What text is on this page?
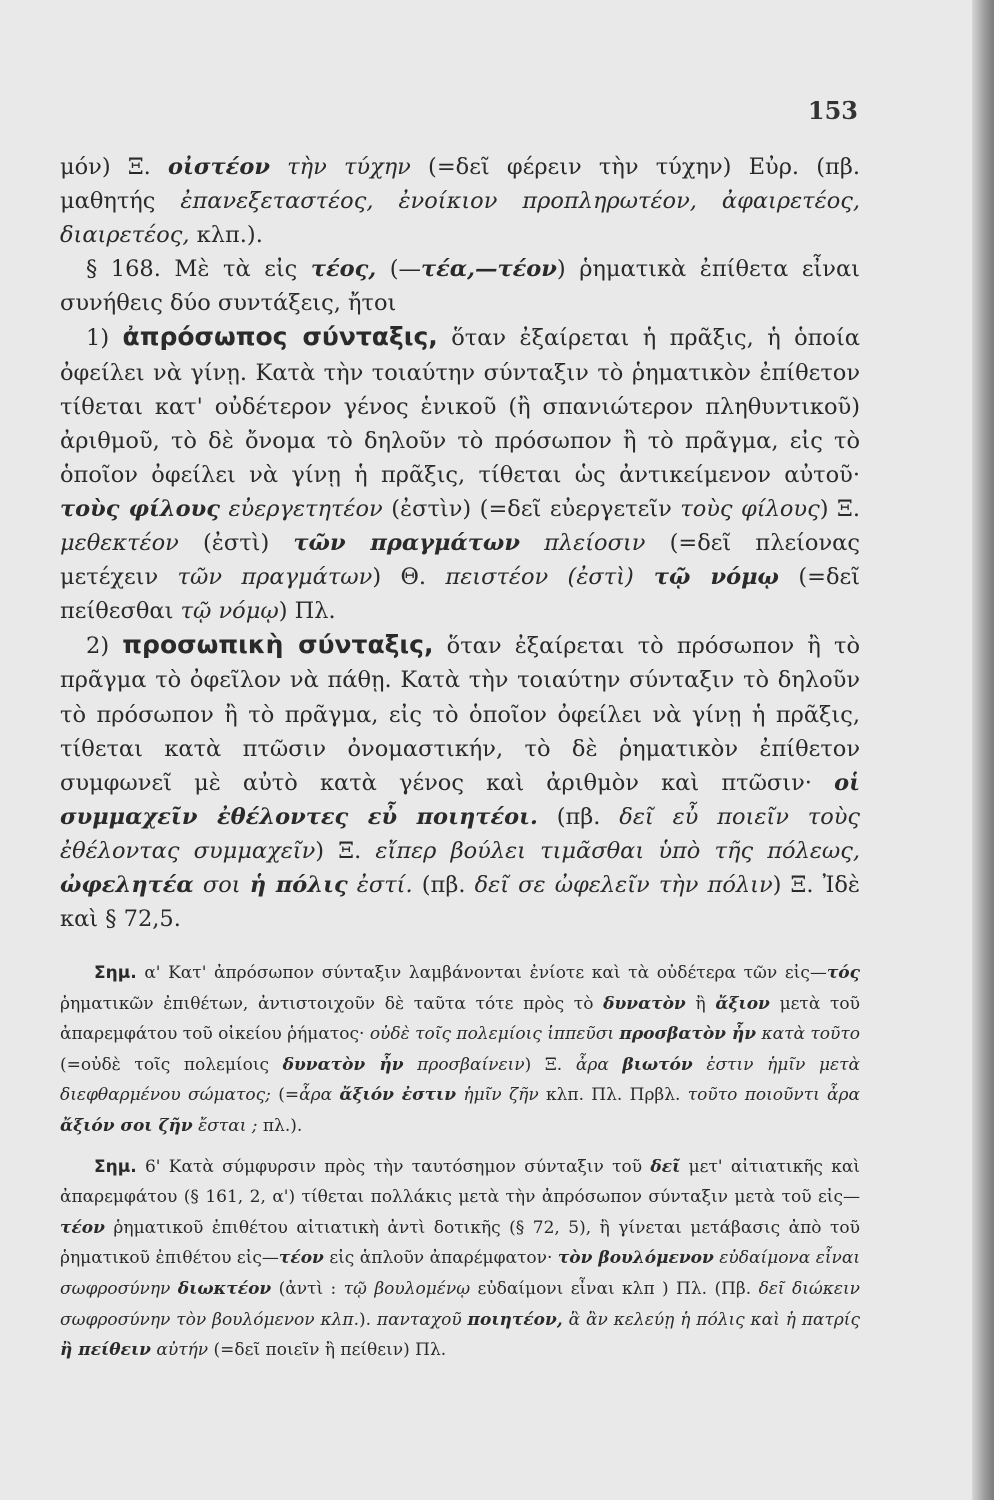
153

μόν) Ξ. οἰστέον τὴν τύχην (=δεῖ φέρειν τὴν τύχην) Εὐρ. (πβ. μαθητής ἐπανεξεταστέος, ἐνοίκιον προπληρωτέον, ἀφαιρετέος, διαιρετέος, κλπ.).

§ 168. Μὲ τὰ εἰς τέος, (—τέα,—τέον) ῥηματικὰ ἐπίθετα εἶναι συνήθεις δύο συντάξεις, ἤτοι

1) ἀπρόσωπος σύνταξις, ὅταν ἐξαίρεται ἡ πρᾶξις, ἡ ὁποία ὀφείλει νὰ γίνῃ. Κατὰ τὴν τοιαύτην σύνταξιν τὸ ῥηματικὸν ἐπίθετον τίθεται κατ' οὐδέτερον γένος ἑνικοῦ (ἢ σπανιώτερον πληθυντικοῦ) ἀριθμοῦ, τὸ δὲ ὄνομα τὸ δηλοῦν τὸ πρόσωπον ἢ τὸ πρᾶγμα, εἰς τὸ ὁποῖον ὀφείλει νὰ γίνῃ ἡ πρᾶξις, τίθεται ὡς ἀντικείμενον αὐτοῦ· τοὺς φίλους εὐεργετητέον (ἐστὶν) (=δεῖ εὐεργετεῖν τοὺς φίλους) Ξ. μεθεκτέον (ἐστὶ) τῶν πραγμάτων πλείοσιν (=δεῖ πλείονας μετέχειν τῶν πραγμάτων) Θ. πειστέον (ἐστὶ) τῷ νόμῳ (=δεῖ πείθεσθαι τῷ νόμῳ) Πλ.

2) προσωπικὴ σύνταξις, ὅταν ἐξαίρεται τὸ πρόσωπον ἢ τὸ πρᾶγμα τὸ ὀφεῖλον νὰ πάθῃ. Κατὰ τὴν τοιαύτην σύνταξιν τὸ δηλοῦν τὸ πρόσωπον ἢ τὸ πρᾶγμα, εἰς τὸ ὁποῖον ὀφείλει νὰ γίνῃ ἡ πρᾶξις, τίθεται κατὰ πτῶσιν ὀνομαστικήν, τὸ δὲ ῥηματικὸν ἐπίθετον συμφωνεῖ μὲ αὐτὸ κατὰ γένος καὶ ἀριθμὸν καὶ πτῶσιν· οἱ συμμαχεῖν ἐθέλοντες εὖ ποιητέοι. (πβ. δεῖ εὖ ποιεῖν τοὺς ἐθέλοντας συμμαχεῖν) Ξ. εἴπερ βούλει τιμᾶσθαι ὑπὸ τῆς πόλεως, ὠφελητέα σοι ἡ πόλις ἐστί. (πβ. δεῖ σε ὠφελεῖν τὴν πόλιν) Ξ. Ἰδὲ καὶ § 72,5.

Σημ. α' Κατ' ἀπρόσωπον σύνταξιν λαμβάνονται ἐνίοτε καὶ τὰ οὐδέτερα τῶν εἰς—τός ῥηματικῶν ἐπιθέτων, ἀντιστοιχοῦν δὲ ταῦτα τότε πρὸς τὸ δυνατὸν ἢ ἄξιον μετὰ τοῦ ἀπαρεμφάτου τοῦ οἰκείου ῥήματος· οὐδὲ τοῖς πολεμίοις ἱππεῦσι προσβατὸν ἦν κατὰ τοῦτο (=οὐδὲ τοῖς πολεμίοις δυνατὸν ἦν προσβαίνειν) Ξ. ἆρα βιωτόν ἐστιν ἡμῖν μετὰ διεφθαρμένου σώματος; (=ἆρα ἄξιόν ἐστιν ἡμῖν ζῆν κλπ. Πλ. Πρβλ. τοῦτο ποιοῦντι ἆρα ἄξιόν σοι ζῆν ἔσται ; πλ.).

Σημ. 6' Κατὰ σύμφυρσιν πρὸς τὴν ταυτόσημον σύνταξιν τοῦ δεῖ μετ' αἰτιατικῆς καὶ ἀπαρεμφάτου (§ 161, 2, α') τίθεται πολλάκις μετὰ τὴν ἀπρόσωπον σύνταξιν μετὰ τοῦ εἰς—τέον ῥηματικοῦ ἐπιθέτου αἰτιατικὴ ἀντὶ δοτικῆς (§ 72, 5), ἢ γίνεται μετάβασις ἀπὸ τοῦ ῥηματικοῦ ἐπιθέτου εἰς—τέον εἰς ἁπλοῦν ἀπαρέμφατον· τὸν βουλόμενον εὐδαίμονα εἶναι σωφροσύνην διωκτέον (ἀντὶ : τῷ βουλομένῳ εὐδαίμονι εἶναι κλπ ) Πλ. (Πβ. δεῖ διώκειν σωφροσύνην τὸν βουλόμενον κλπ.). πανταχοῦ ποιητέον, ἃ ἂν κελεύῃ ἡ πόλις καὶ ἡ πατρίς ἢ πείθειν αὐτήν (=δεῖ ποιεῖν ἢ πείθειν) Πλ.
